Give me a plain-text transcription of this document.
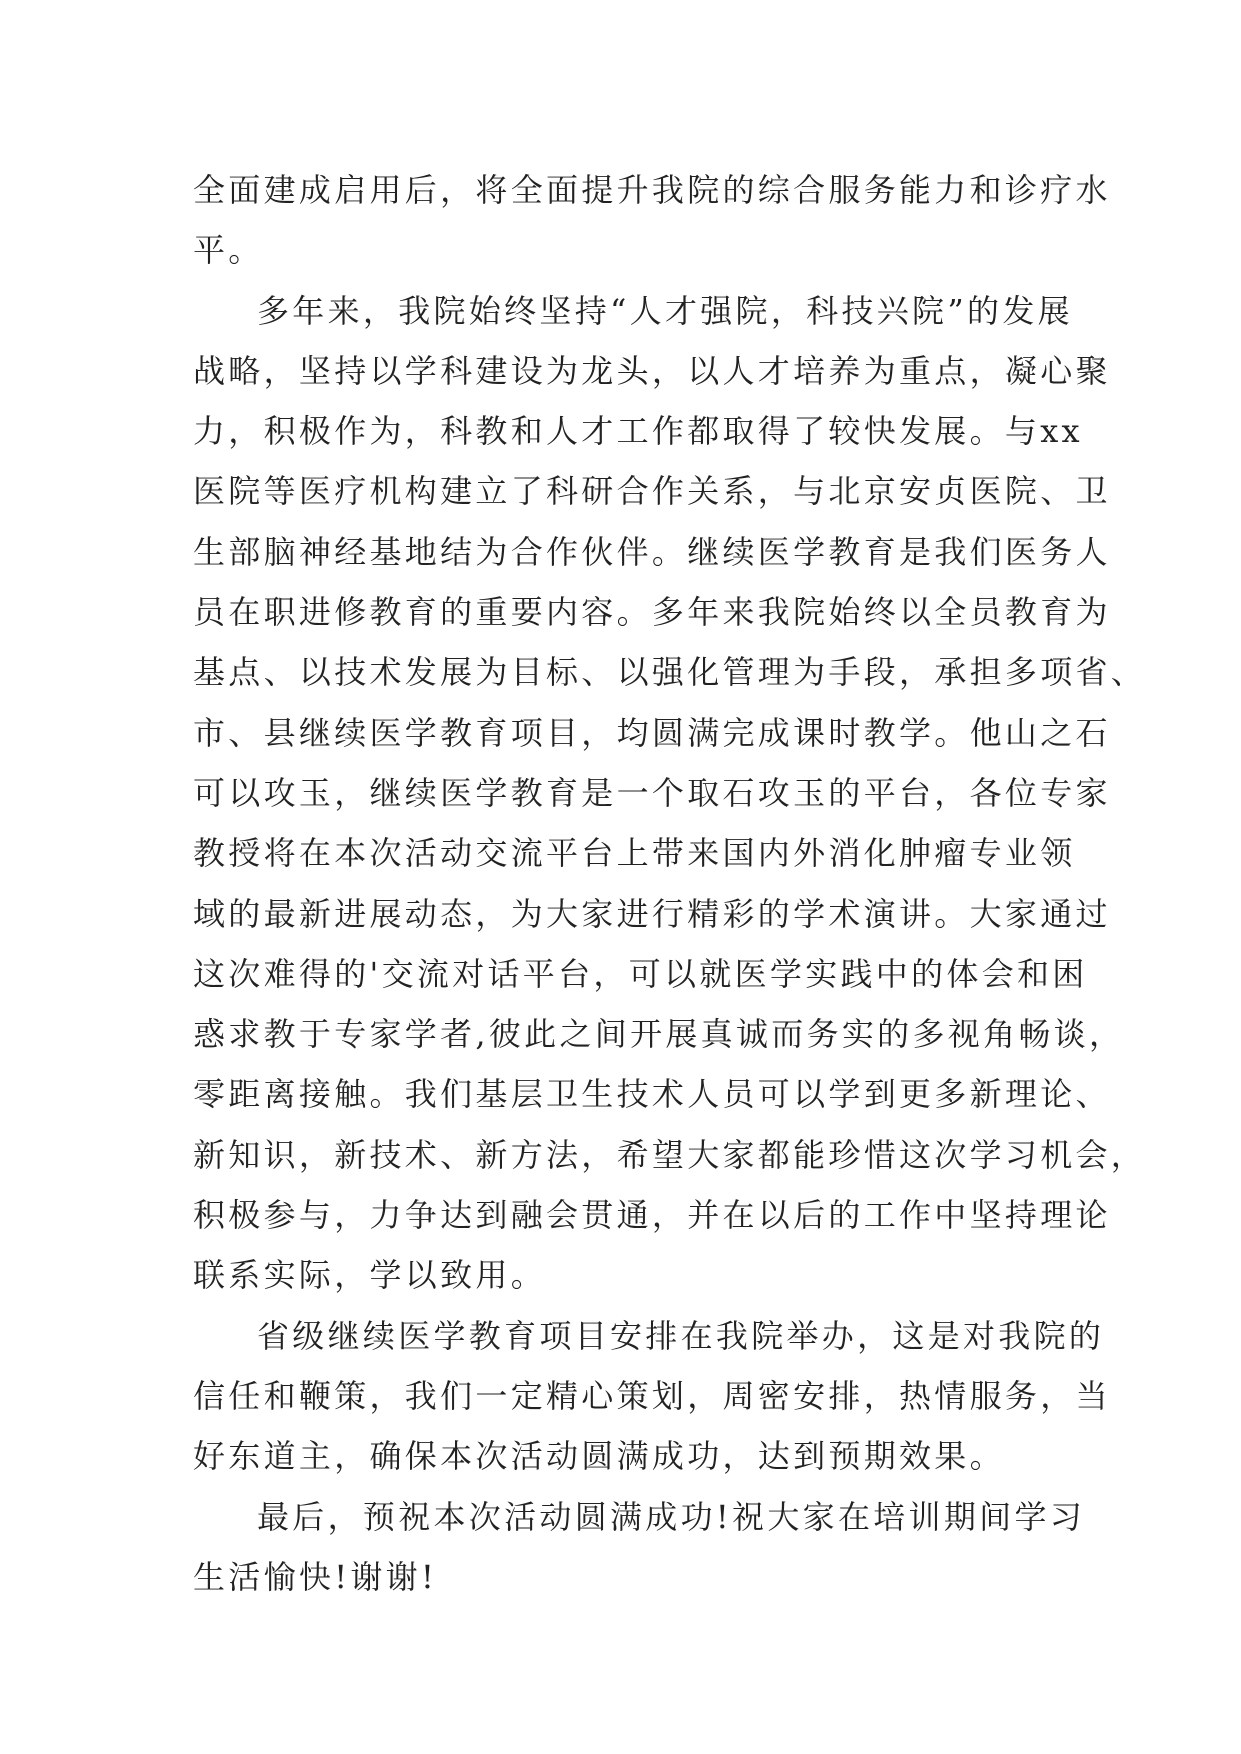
全面建成启用后，将全面提升我院的综合服务能力和诊疗水
平。
多年来，我院始终坚持“人才强院，科技兴院”的发展
战略，坚持以学科建设为龙头，以人才培养为重点，凝心聚
力，积极作为，科教和人才工作都取得了较快发展。与xx
医院等医疗机构建立了科研合作关系，与北京安贞医院、卫
生部脑神经基地结为合作伙伴。继续医学教育是我们医务人
员在职进修教育的重要内容。多年来我院始终以全员教育为
基点、以技术发展为目标、以强化管理为手段，承担多项省、
市、县继续医学教育项目，均圆满完成课时教学。他山之石
可以攻玉，继续医学教育是一个取石攻玉的平台，各位专家
教授将在本次活动交流平台上带来国内外消化肿瘤专业领
域的最新进展动态，为大家进行精彩的学术演讲。大家通过
这次难得的'交流对话平台，可以就医学实践中的体会和困
惑求教于专家学者,彼此之间开展真诚而务实的多视角畅谈，
零距离接触。我们基层卫生技术人员可以学到更多新理论、
新知识，新技术、新方法，希望大家都能珍惜这次学习机会，
积极参与，力争达到融会贯通，并在以后的工作中坚持理论
联系实际，学以致用。
省级继续医学教育项目安排在我院举办，这是对我院的
信任和鞭策，我们一定精心策划，周密安排，热情服务，当
好东道主，确保本次活动圆满成功，达到预期效果。
最后，预祝本次活动圆满成功!祝大家在培训期间学习
生活愉快!谢谢!
